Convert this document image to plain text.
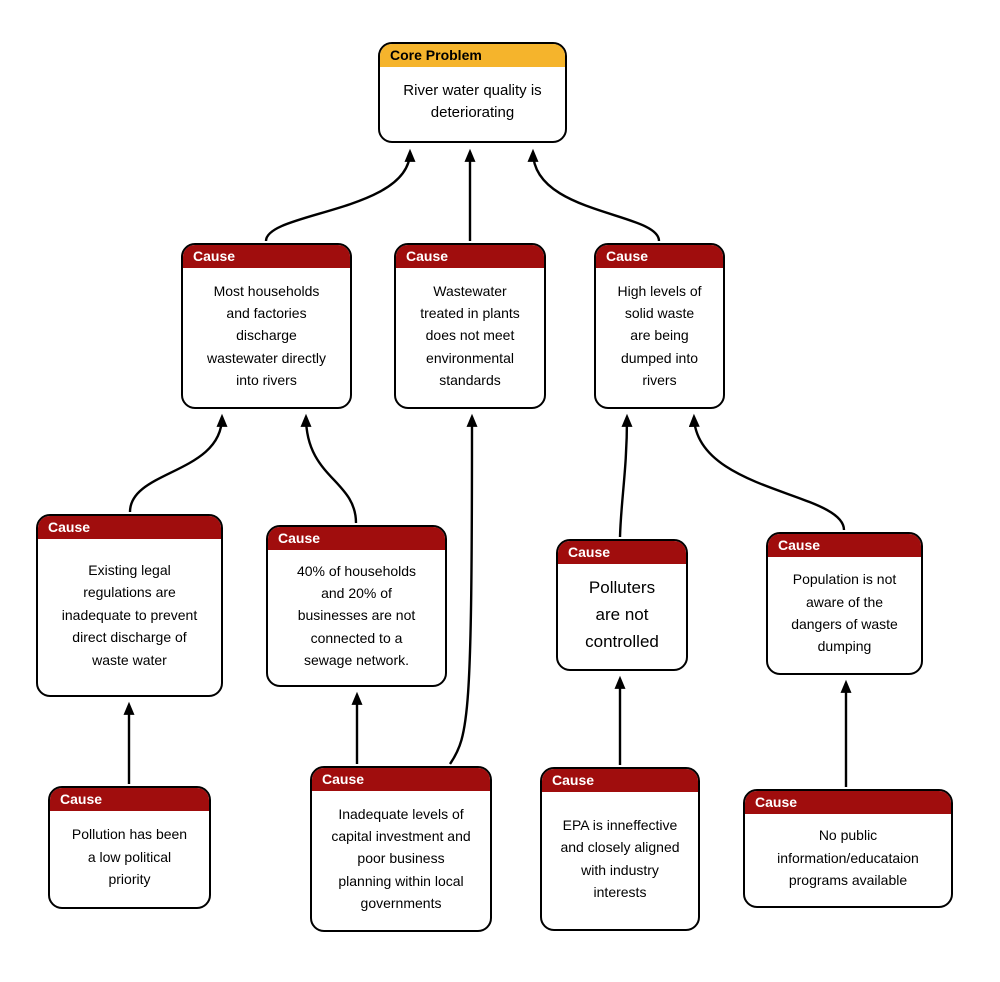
Core Problem
River water quality is deteriorating
Cause
Most households and factories discharge wastewater directly into rivers
Cause
Wastewater treated in plants does not meet environmental standards
Cause
High levels of solid waste are being dumped into rivers
Cause
Existing legal regulations are inadequate to prevent direct discharge of waste water
Cause
40% of households and 20% of businesses are not connected to a sewage network.
Cause
Polluters are not controlled
Cause
Population is not aware of the dangers of waste dumping
Cause
Pollution has been a low political priority
Cause
Inadequate levels of capital investment and poor business planning within local governments
Cause
EPA is inneffective and closely aligned with industry interests
Cause
No public information/educataion programs available
